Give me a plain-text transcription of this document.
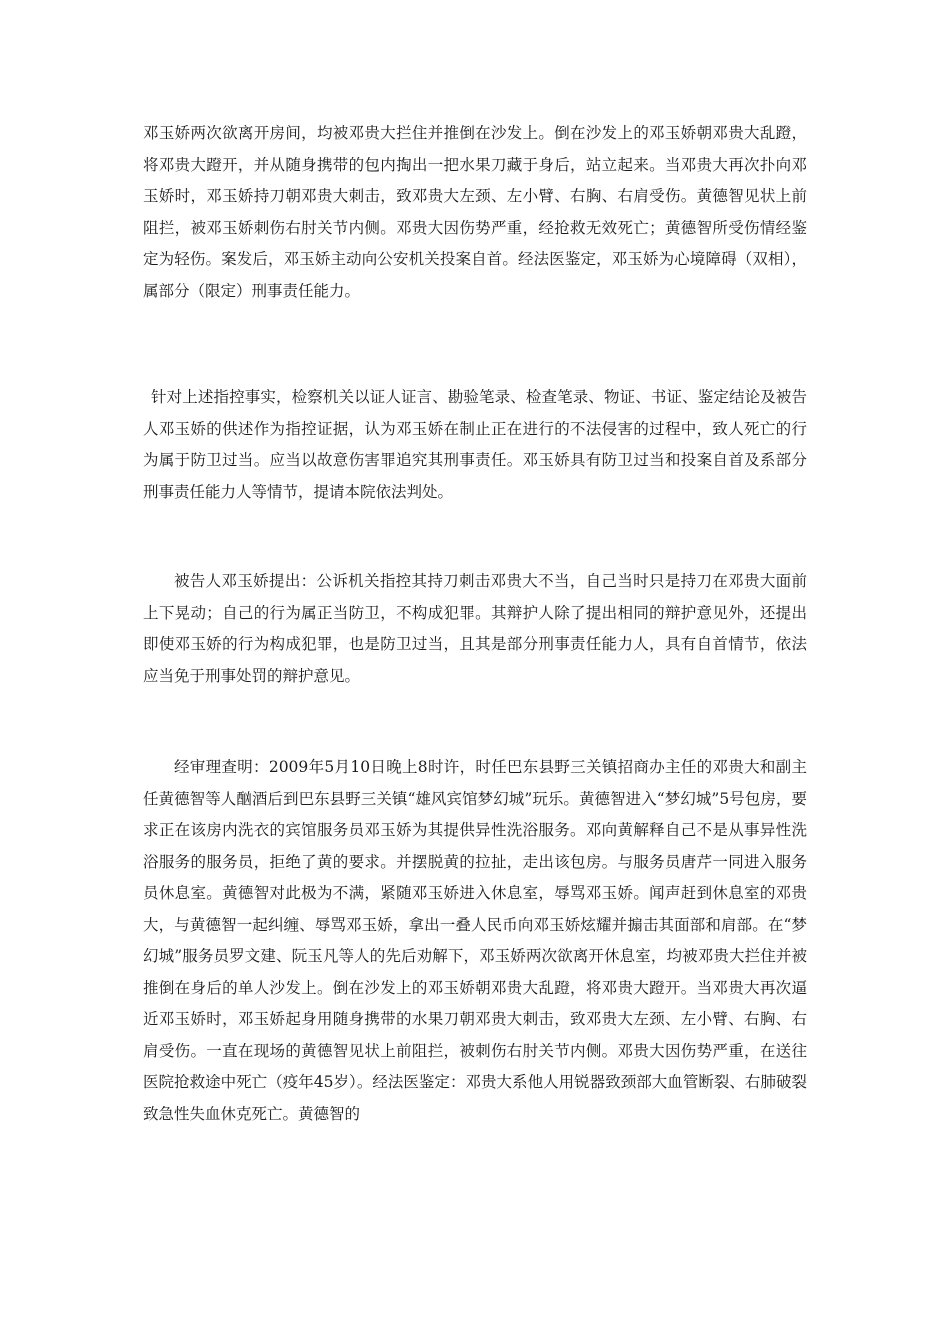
邓玉娇两次欲离开房间，均被邓贵大拦住并推倒在沙发上。倒在沙发上的邓玉娇朝邓贵大乱蹬，将邓贵大蹬开，并从随身携带的包内掏出一把水果刀藏于身后，站立起来。当邓贵大再次扑向邓玉娇时，邓玉娇持刀朝邓贵大刺击，致邓贵大左颈、左小臂、右胸、右肩受伤。黄德智见状上前阻拦，被邓玉娇刺伤右肘关节内侧。邓贵大因伤势严重，经抢救无效死亡；黄德智所受伤情经鉴定为轻伤。案发后，邓玉娇主动向公安机关投案自首。经法医鉴定，邓玉娇为心境障碍（双相），属部分（限定）刑事责任能力。

针对上述指控事实，检察机关以证人证言、勘验笔录、检查笔录、物证、书证、鉴定结论及被告人邓玉娇的供述作为指控证据，认为邓玉娇在制止正在进行的不法侵害的过程中，致人死亡的行为属于防卫过当。应当以故意伤害罪追究其刑事责任。邓玉娇具有防卫过当和投案自首及系部分刑事责任能力人等情节，提请本院依法判处。

被告人邓玉娇提出：公诉机关指控其持刀刺击邓贵大不当，自己当时只是持刀在邓贵大面前上下晃动；自己的行为属正当防卫，不构成犯罪。其辩护人除了提出相同的辩护意见外，还提出即使邓玉娇的行为构成犯罪，也是防卫过当，且其是部分刑事责任能力人，具有自首情节，依法应当免于刑事处罚的辩护意见。

经审理查明：2009年5月10日晚上8时许，时任巴东县野三关镇招商办主任的邓贵大和副主任黄德智等人酗酒后到巴东县野三关镇“雄风宾馆梦幻城”玩乐。黄德智进入“梦幻城”5号包房，要求正在该房内洗衣的宾馆服务员邓玉娇为其提供异性洗浴服务。邓向黄解释自己不是从事异性洗浴服务的服务员，拒绝了黄的要求。并摆脱黄的拉扯，走出该包房。与服务员唐芹一同进入服务员休息室。黄德智对此极为不满，紧随邓玉娇进入休息室，辱骂邓玉娇。闻声赶到休息室的邓贵大，与黄德智一起纠缠、辱骂邓玉娇，拿出一叠人民币向邓玉娇炫耀并搧击其面部和肩部。在“梦幻城”服务员罗文建、阮玉凡等人的先后劝解下，邓玉娇两次欲离开休息室，均被邓贵大拦住并被推倒在身后的单人沙发上。倒在沙发上的邓玉娇朝邓贵大乱蹬，将邓贵大蹬开。当邓贵大再次逼近邓玉娇时，邓玉娇起身用随身携带的水果刀朝邓贵大刺击，致邓贵大左颈、左小臂、右胸、右肩受伤。一直在现场的黄德智见状上前阻拦，被刺伤右肘关节内侧。邓贵大因伤势严重，在送往医院抢救途中死亡（疫年45岁）。经法医鉴定：邓贵大系他人用锐器致颈部大血管断裂、右肺破裂致急性失血休克死亡。黄德智的
